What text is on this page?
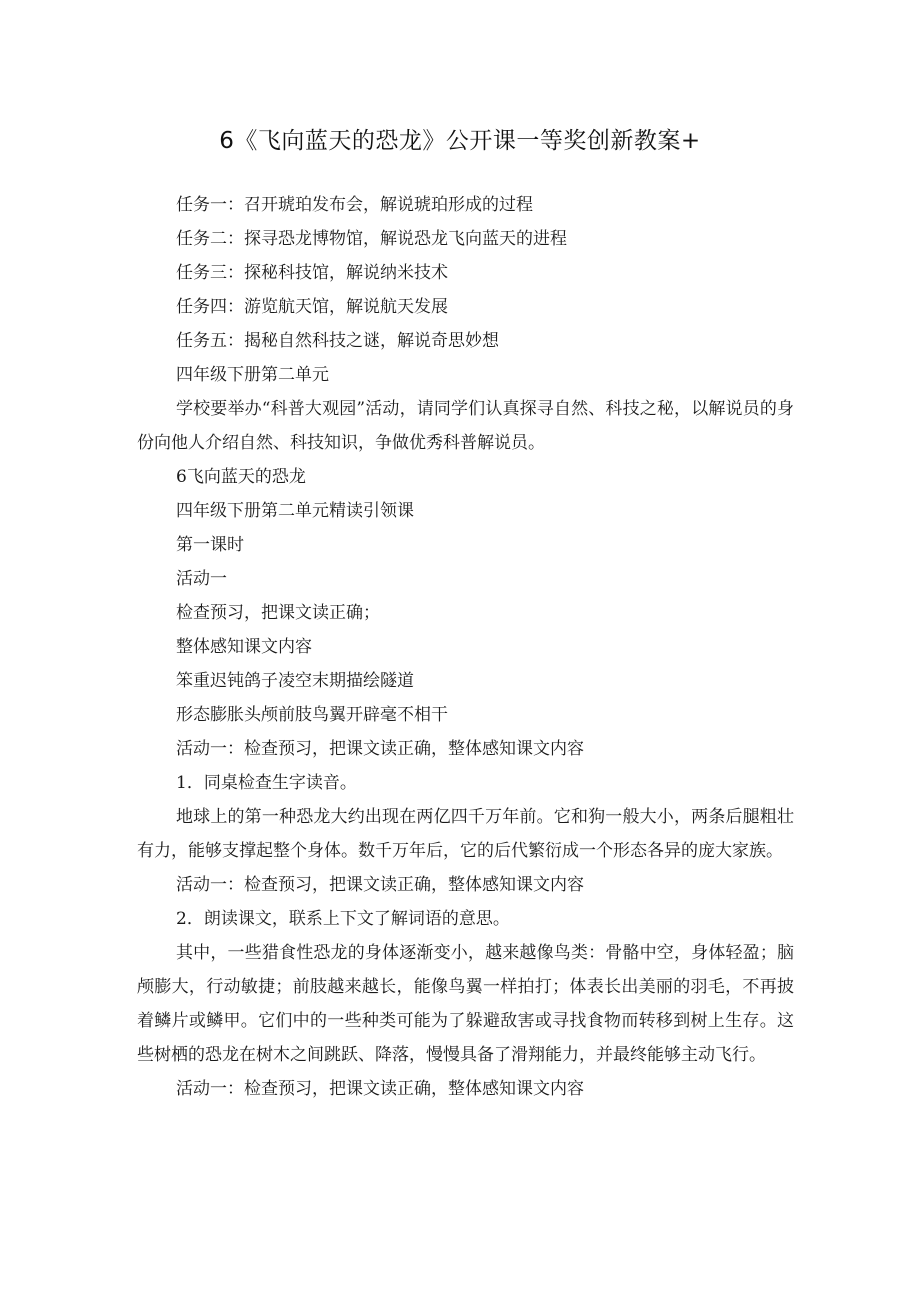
6《飞向蓝天的恐龙》公开课一等奖创新教案+

任务一：召开琥珀发布会，解说琥珀形成的过程

任务二：探寻恐龙博物馆，解说恐龙飞向蓝天的进程

任务三：探秘科技馆，解说纳米技术

任务四：游览航天馆，解说航天发展

任务五：揭秘自然科技之谜，解说奇思妙想

四年级下册第二单元

学校要举办“科普大观园”活动，请同学们认真探寻自然、科技之秘，以解说员的身份向他人介绍自然、科技知识，争做优秀科普解说员。

6飞向蓝天的恐龙

四年级下册第二单元精读引领课

第一课时

活动一

检查预习，把课文读正确；

整体感知课文内容

笨重迟钝鸽子凌空末期描绘隧道

形态膨胀头颅前肢鸟翼开辟毫不相干

活动一：检查预习，把课文读正确，整体感知课文内容

1．同桌检查生字读音。

地球上的第一种恐龙大约出现在两亿四千万年前。它和狗一般大小，两条后腿粗壮有力，能够支撑起整个身体。数千万年后，它的后代繁衍成一个形态各异的庞大家族。

活动一：检查预习，把课文读正确，整体感知课文内容

2．朗读课文，联系上下文了解词语的意思。

其中，一些猎食性恐龙的身体逐渐变小，越来越像鸟类：骨骼中空，身体轻盈；脑颅膨大，行动敏捷；前肢越来越长，能像鸟翼一样拍打；体表长出美丽的羽毛，不再披着鳞片或鳞甲。它们中的一些种类可能为了躲避敌害或寻找食物而转移到树上生存。这些树栖的恐龙在树木之间跳跃、降落，慢慢具备了滑翔能力，并最终能够主动飞行。

活动一：检查预习，把课文读正确，整体感知课文内容
